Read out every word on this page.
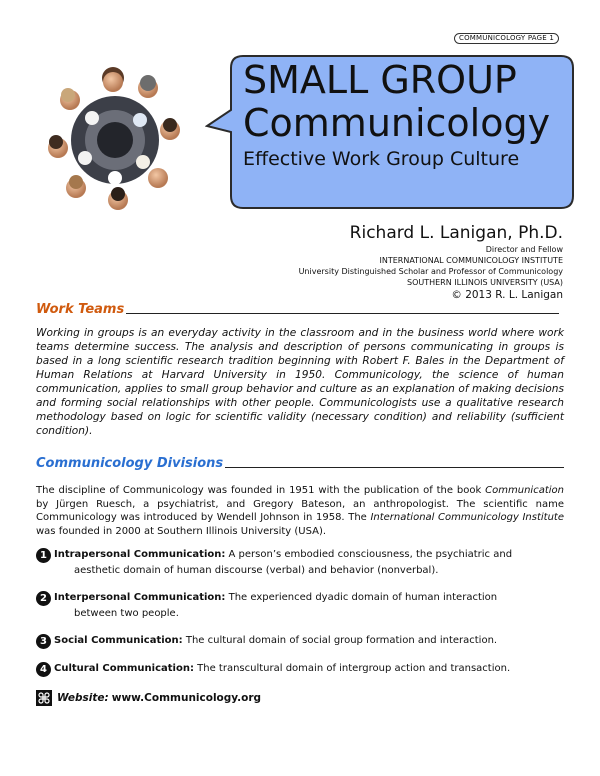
COMMUNICOLOGY PAGE 1
SMALL GROUP
Communicology
Effective Work Group Culture
Richard L. Lanigan, Ph.D.
Director and Fellow
INTERNATIONAL COMMUNICOLOGY INSTITUTE
University Distinguished Scholar and Professor of Communicology
SOUTHERN ILLINOIS UNIVERSITY (USA)
© 2013 R. L. Lanigan
Work Teams
Working in groups is an everyday activity in the classroom and in the business world where work teams determine success. The analysis and description of persons communicating in groups is based in a long scientific research tradition beginning with Robert F. Bales in the Department of Human Relations at Harvard University in 1950. Communicology, the science of human communication, applies to small group behavior and culture as an explanation of making decisions and forming social relationships with other people. Communicologists use a qualitative research methodology based on logic for scientific validity (necessary condition) and reliability (sufficient condition).
Communicology Divisions
The discipline of Communicology was founded in 1951 with the publication of the book Communication by Jürgen Ruesch, a psychiatrist, and Gregory Bateson, an anthropologist. The scientific name Communicology was introduced by Wendell Johnson in 1958. The International Communicology Institute was founded in 2000 at Southern Illinois University (USA).
1 Intrapersonal Communication: A person’s embodied consciousness, the psychiatric and
aesthetic domain of human discourse (verbal) and behavior (nonverbal).
2 Interpersonal Communication: The experienced dyadic domain of human interaction
between two people.
3 Social Communication: The cultural domain of social group formation and interaction.
4 Cultural Communication: The transcultural domain of intergroup action and transaction.
Website: www.Communicology.org
